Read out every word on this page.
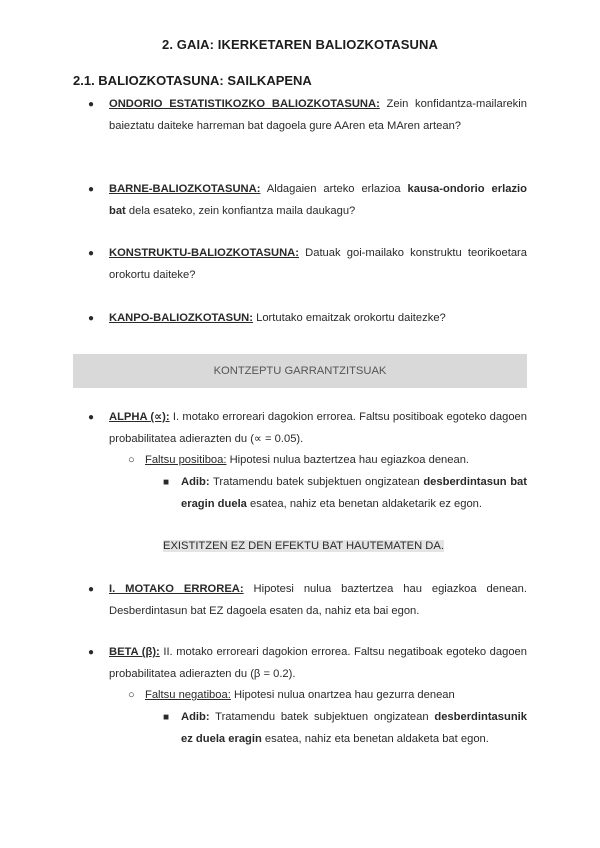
2. GAIA: IKERKETAREN BALIOZKOTASUNA
2.1. BALIOZKOTASUNA: SAILKAPENA
● ONDORIO ESTATISTIKOZKO BALIOZKOTASUNA: Zein konfidantza-mailarekin baieztatu daiteke harreman bat dagoela gure AAren eta MAren artean?
● BARNE-BALIOZKOTASUNA: Aldagaien arteko erlazioa kausa-ondorio erlazio bat dela esateko, zein konfiantza maila daukagu?
● KONSTRUKTU-BALIOZKOTASUNA: Datuak goi-mailako konstruktu teorikoetara orokortu daiteke?
● KANPO-BALIOZKOTASUN: Lortutako emaitzak orokortu daitezke?
KONTZEPTU GARRANTZITSUAK
● ALPHA (∝): I. motako erroreari dagokion errorea. Faltsu positiboak egoteko dagoen probabilitatea adierazten du (∝ = 0.05).
○ Faltsu positiboa: Hipotesi nulua baztertzea hau egiazkoa denean.
■ Adib: Tratamendu batek subjektuen ongizatean desberdintasun bat eragin duela esatea, nahiz eta benetan aldaketarik ez egon.
EXISTITZEN EZ DEN EFEKTU BAT HAUTEMATEN DA.
● I. MOTAKO ERROREA: Hipotesi nulua baztertzea hau egiazkoa denean. Desberdintasun bat EZ dagoela esaten da, nahiz eta bai egon.
● BETA (β): II. motako erroreari dagokion errorea. Faltsu negatiboak egoteko dagoen probabilitatea adierazten du (β = 0.2).
○ Faltsu negatiboa: Hipotesi nulua onartzea hau gezurra denean
■ Adib: Tratamendu batek subjektuen ongizatean desberdintasunik ez duela eragin esatea, nahiz eta benetan aldaketa bat egon.
